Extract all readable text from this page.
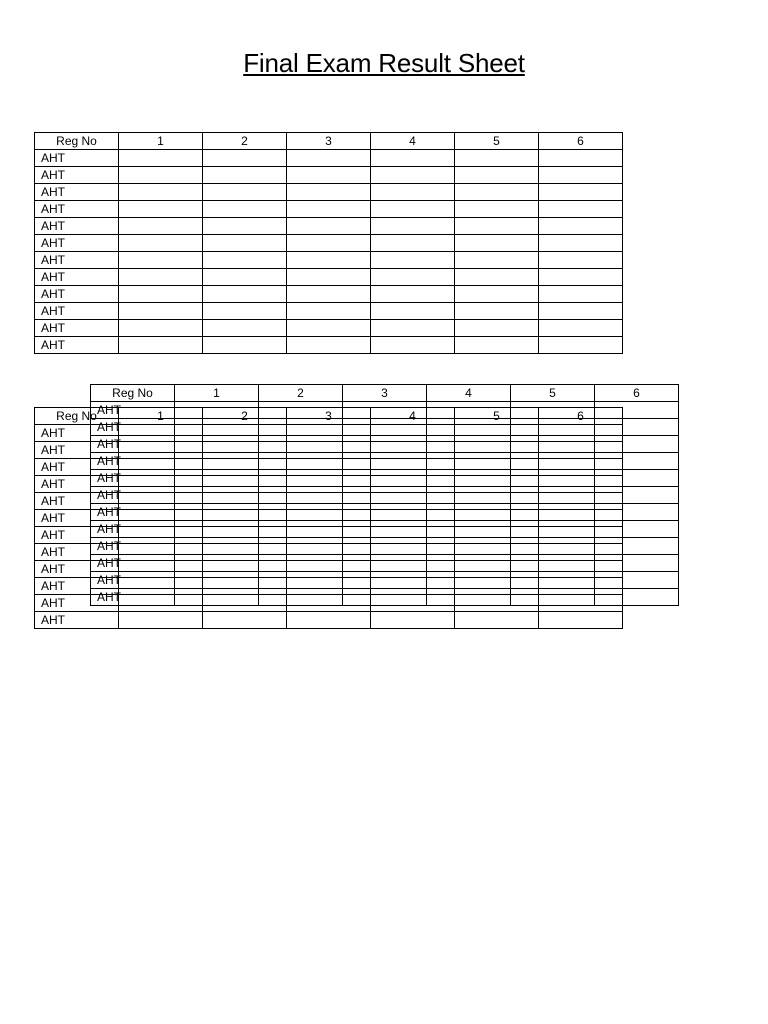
Final Exam Result Sheet
Reg No	1	2	3	4	5	6
AHT						
AHT						
AHT						
AHT						
AHT						
AHT						
AHT						
AHT						
AHT						
AHT						
AHT						
AHT						
Reg No	1	2	3	4	5	6
AHT						
AHT						
AHT						
AHT						
AHT						
AHT						
AHT						
AHT						
AHT						
AHT						
AHT						
AHT						
Reg No	1	2	3	4	5	6
AHT						
AHT						
AHT						
AHT						
AHT						
AHT						
AHT						
AHT						
AHT						
AHT						
AHT						
AHT						
